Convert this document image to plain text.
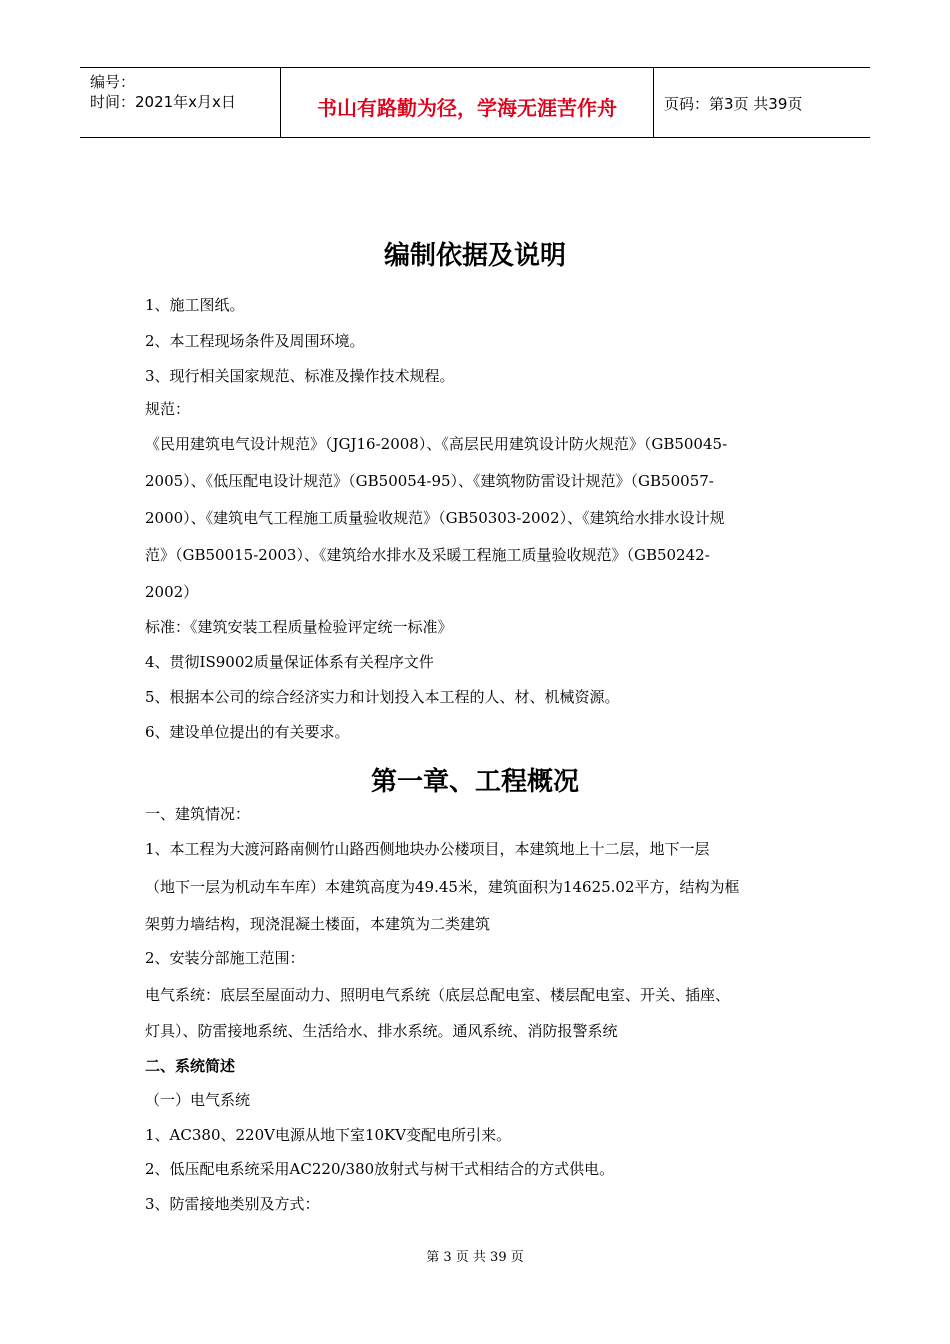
编号：
时间：2021年x月x日	书山有路勤为径，学海无涯苦作舟	页码：第3页 共39页
编制依据及说明
1、施工图纸。
2、本工程现场条件及周围环境。
3、现行相关国家规范、标准及操作技术规程。
规范：
《民用建筑电气设计规范》（JGJ16-2008）、《高层民用建筑设计防火规范》（GB50045-
2005）、《低压配电设计规范》（GB50054-95）、《建筑物防雷设计规范》（GB50057-
2000）、《建筑电气工程施工质量验收规范》（GB50303-2002）、《建筑给水排水设计规
范》（GB50015-2003）、《建筑给水排水及采暖工程施工质量验收规范》（GB50242-
2002）
标准：《建筑安装工程质量检验评定统一标准》
4、贯彻IS9002质量保证体系有关程序文件
5、根据本公司的综合经济实力和计划投入本工程的人、材、机械资源。
6、建设单位提出的有关要求。
第一章、工程概况
一、建筑情况：
1、本工程为大渡河路南侧竹山路西侧地块办公楼项目，本建筑地上十二层，地下一层
（地下一层为机动车车库）本建筑高度为49.45米，建筑面积为14625.02平方，结构为框
架剪力墙结构，现浇混凝土楼面，本建筑为二类建筑
2、安装分部施工范围：
电气系统：底层至屋面动力、照明电气系统（底层总配电室、楼层配电室、开关、插座、
灯具）、防雷接地系统、生活给水、排水系统。通风系统、消防报警系统
二、系统简述
（一）电气系统
1、AC380、220V电源从地下室10KV变配电所引来。
2、低压配电系统采用AC220/380放射式与树干式相结合的方式供电。
3、防雷接地类别及方式：
第 3 页 共 39 页
